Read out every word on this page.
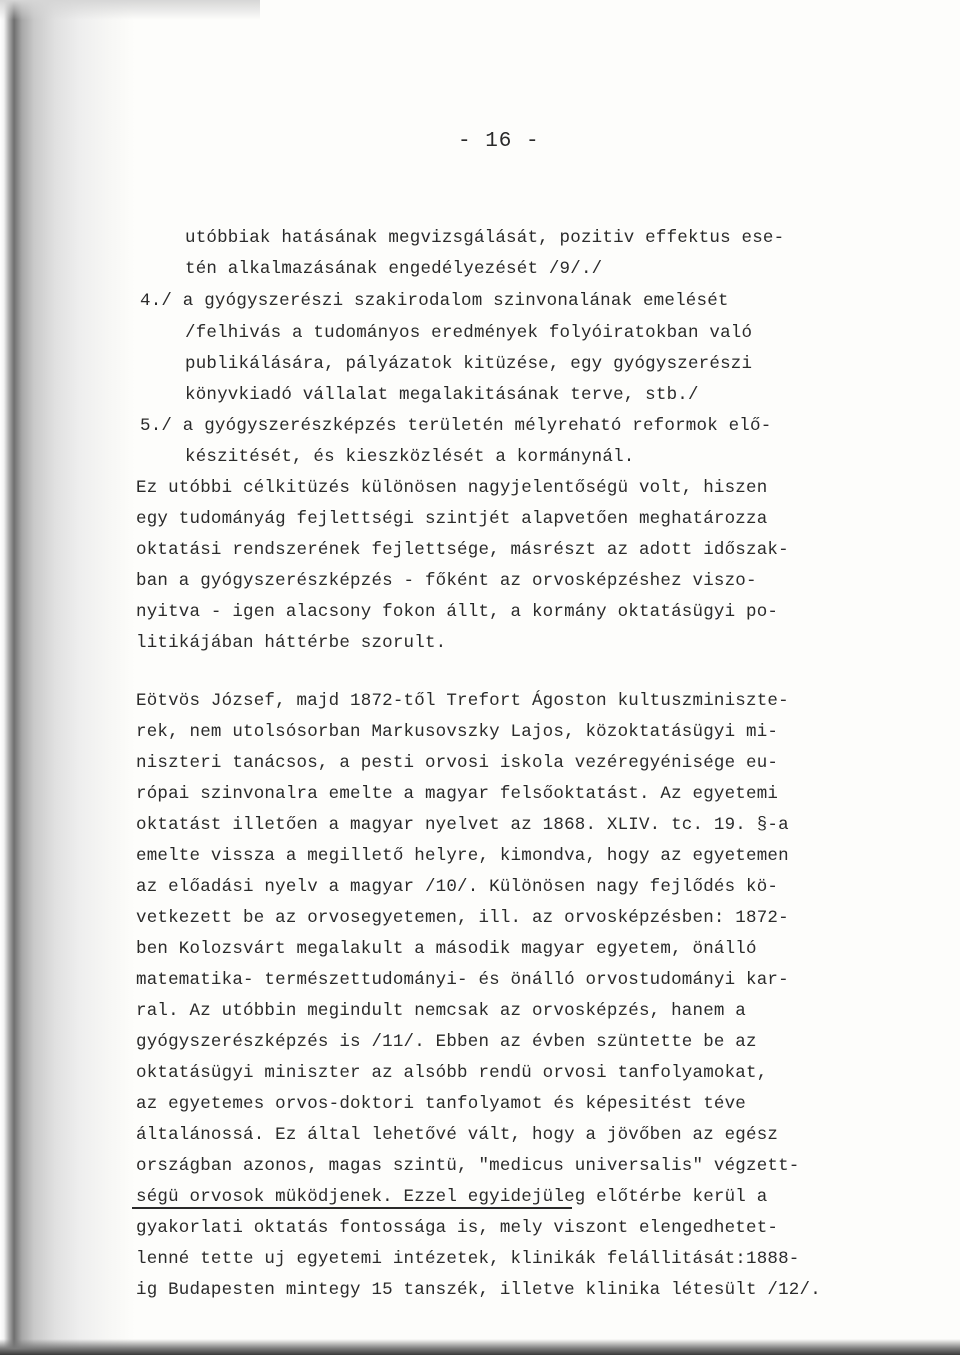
- 16 -
utóbbiak hatásának megvizsgálását, pozitiv effektus ese-
tén alkalmazásának engedélyezését /9/./
4./ a gyógyszerészi szakirodalom szinvonalának emelését
/felhivás a tudományos eredmények folyóiratokban való
publikálására, pályázatok kitüzése, egy gyógyszerészi
könyvkiadó vállalat megalakitásának terve, stb./
5./ a gyógyszerészképzés területén mélyreható reformok elő-
készitését, és kieszközlését a kormánynál.
Ez utóbbi célkitüzés különösen nagyjelentőségü volt, hiszen
egy tudományág fejlettségi szintjét alapvetően meghatározza
oktatási rendszerének fejlettsége, másrészt az adott időszak-
ban a gyógyszerészképzés - főként az orvosképzéshez viszo-
nyitva - igen alacsony fokon állt, a kormány oktatásügyi po-
litikájában háttérbe szorult.
Eötvös József, majd 1872-től Trefort Ágoston kultuszminiszte-
rek, nem utolsósorban Markusovszky Lajos, közoktatásügyi mi-
niszteri tanácsos, a pesti orvosi iskola vezéregyénisége eu-
rópai szinvonalra emelte a magyar felsőoktatást. Az egyetemi
oktatást illetően a magyar nyelvet az 1868. XLIV. tc. 19. §-a
emelte vissza a megillető helyre, kimondva, hogy az egyetemen
az előadási nyelv a magyar /10/. Különösen nagy fejlődés kö-
vetkezett be az orvosegyetemen, ill. az orvosképzésben: 1872-
ben Kolozsvárt megalakult a második magyar egyetem, önálló
matematika- természettudományi- és önálló orvostudományi kar-
ral. Az utóbbin megindult nemcsak az orvosképzés, hanem a
gyógyszerészképzés is /11/. Ebben az évben szüntette be az
oktatásügyi miniszter az alsóbb rendü orvosi tanfolyamokat,
az egyetemes orvos-doktori tanfolyamot és képesitést téve
általánossá. Ez által lehetővé vált, hogy a jövőben az egész
országban azonos, magas szintü, "medicus universalis" végzett-
ségü orvosok müködjenek. Ezzel egyidejüleg előtérbe kerül a
gyakorlati oktatás fontossága is, mely viszont elengedhetet-
lenné tette uj egyetemi intézetek, klinikák felállitását:1888-
ig Budapesten mintegy 15 tanszék, illetve klinika létesült /12/.
